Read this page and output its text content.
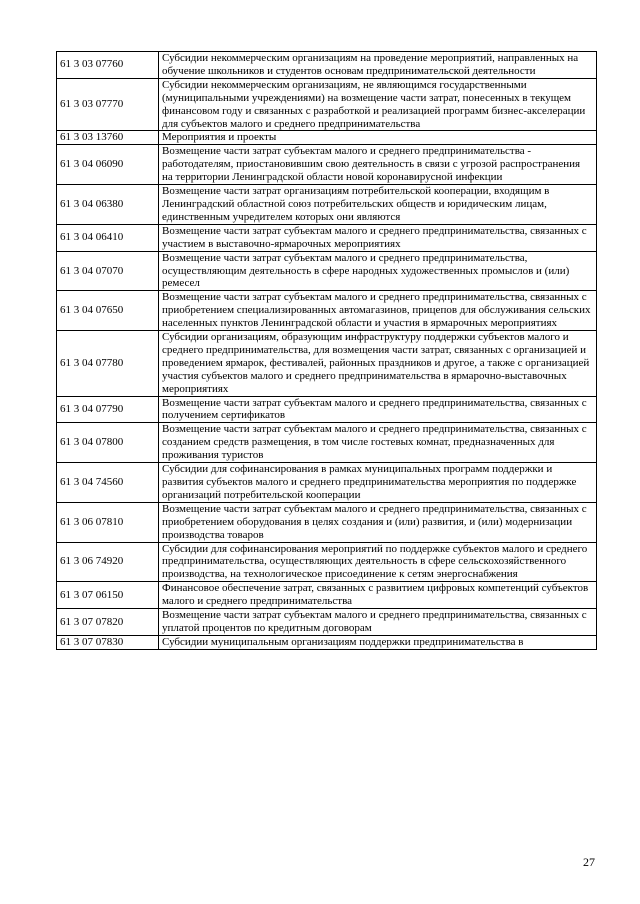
61 3 03 07760	Субсидии некоммерческим организациям на проведение мероприятий, направленных на обучение школьников и студентов основам предпринимательской деятельности
61 3 03 07770	Субсидии некоммерческим организациям, не являющимся государственными (муниципальными учреждениями) на возмещение части затрат, понесенных в текущем финансовом году и связанных с разработкой и реализацией программ бизнес-акселерации для субъектов малого и среднего предпринимательства
61 3 03 13760	Мероприятия и проекты
61 3 04 06090	Возмещение части затрат субъектам малого и среднего предпринимательства - работодателям, приостановившим свою деятельность в связи с угрозой распространения на территории Ленинградской области новой коронавирусной инфекции
61 3 04 06380	Возмещение части затрат организациям потребительской кооперации, входящим в Ленинградский областной союз потребительских обществ и юридическим лицам, единственным учредителем которых они являются
61 3 04 06410	Возмещение части затрат субъектам малого и среднего предпринимательства, связанных с участием в выставочно-ярмарочных мероприятиях
61 3 04 07070	Возмещение части затрат субъектам малого и среднего предпринимательства, осуществляющим деятельность в сфере народных художественных промыслов и (или) ремесел
61 3 04 07650	Возмещение части затрат субъектам малого и среднего предпринимательства, связанных с приобретением специализированных автомагазинов, прицепов для обслуживания сельских населенных пунктов Ленинградской области и участия в ярмарочных мероприятиях
61 3 04 07780	Субсидии организациям, образующим инфраструктуру поддержки субъектов малого и среднего предпринимательства, для возмещения части затрат, связанных с организацией и проведением ярмарок, фестивалей, районных праздников и другое, а также с организацией участия субъектов малого и среднего предпринимательства в ярмарочно-выставочных мероприятиях
61 3 04 07790	Возмещение части затрат субъектам малого и среднего предпринимательства, связанных с получением сертификатов
61 3 04 07800	Возмещение части затрат субъектам малого и среднего предпринимательства, связанных с созданием средств размещения, в том числе гостевых комнат, предназначенных для проживания туристов
61 3 04 74560	Субсидии для софинансирования в рамках муниципальных программ поддержки и развития субъектов малого и среднего предпринимательства мероприятия по поддержке организаций потребительской кооперации
61 3 06 07810	Возмещение части затрат субъектам малого и среднего предпринимательства, связанных с приобретением оборудования в целях создания и (или) развития, и (или) модернизации производства товаров
61 3 06 74920	Субсидии для софинансирования мероприятий по поддержке субъектов малого и среднего предпринимательства, осуществляющих деятельность в сфере сельскохозяйственного производства, на технологическое присоединение к сетям энергоснабжения
61 3 07 06150	Финансовое обеспечение затрат, связанных с развитием цифровых компетенций субъектов малого и среднего предпринимательства
61 3 07 07820	Возмещение части затрат субъектам малого и среднего предпринимательства, связанных с уплатой процентов по кредитным договорам
61 3 07 07830	Субсидии муниципальным организациям поддержки предпринимательства в
27
